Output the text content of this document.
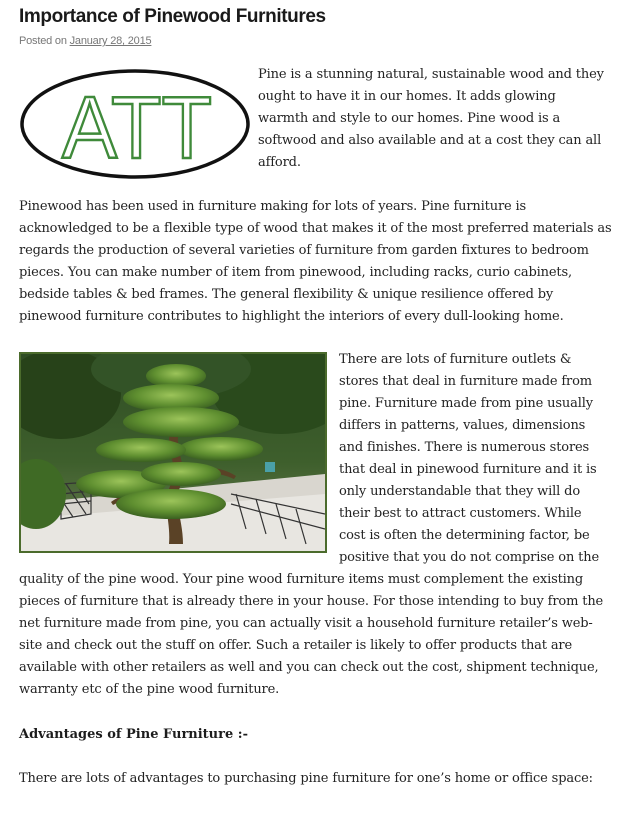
Importance of Pinewood Furnitures
Posted on January 28, 2015
ATT
Pine is a stunning natural, sustainable wood and they
ought to have it in our homes. It adds glowing
warmth and style to our homes. Pine wood is a
softwood and also available and at a cost they can all
afford.
Pinewood has been used in furniture making for lots of years. Pine furniture is
acknowledged to be a flexible type of wood that makes it of the most preferred materials as
regards the production of several varieties of furniture from garden fixtures to bedroom
pieces. You can make number of item from pinewood, including racks, curio cabinets,
bedside tables & bed frames. The general flexibility & unique resilience offered by
pinewood furniture contributes to highlight the interiors of every dull-looking home.
There are lots of furniture outlets &
stores that deal in furniture made from
pine. Furniture made from pine usually
differs in patterns, values, dimensions
and finishes. There is numerous stores
that deal in pinewood furniture and it is
only understandable that they will do
their best to attract customers. While
cost is often the determining factor, be
positive that you do not comprise on the
quality of the pine wood. Your pine wood furniture items must complement the existing
pieces of furniture that is already there in your house. For those intending to buy from the
net furniture made from pine, you can actually visit a household furniture retailer’s web-
site and check out the stuff on offer. Such a retailer is likely to offer products that are
available with other retailers as well and you can check out the cost, shipment technique,
warranty etc of the pine wood furniture.
Advantages of Pine Furniture :-

There are lots of advantages to purchasing pine furniture for one’s home or office space:
